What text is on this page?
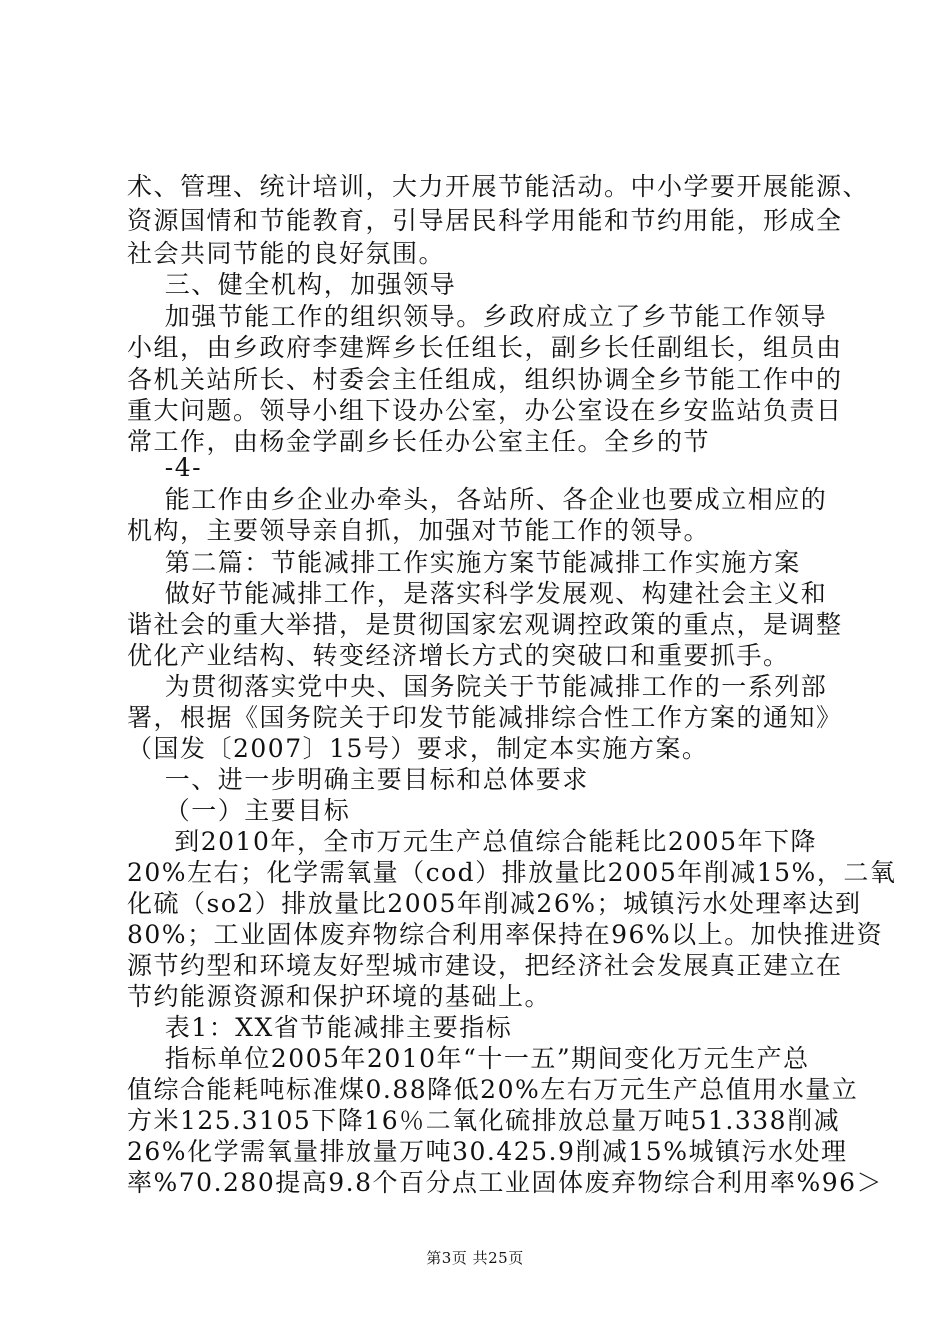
术、管理、统计培训，大力开展节能活动。中小学要开展能源、
资源国情和节能教育，引导居民科学用能和节约用能，形成全
社会共同节能的良好氛围。
三、健全机构，加强领导
加强节能工作的组织领导。乡政府成立了乡节能工作领导
小组，由乡政府李建辉乡长任组长，副乡长任副组长，组员由
各机关站所长、村委会主任组成，组织协调全乡节能工作中的
重大问题。领导小组下设办公室，办公室设在乡安监站负责日
常工作，由杨金学副乡长任办公室主任。全乡的节
-4-
能工作由乡企业办牵头，各站所、各企业也要成立相应的
机构，主要领导亲自抓，加强对节能工作的领导。
第二篇：节能减排工作实施方案节能减排工作实施方案
做好节能减排工作，是落实科学发展观、构建社会主义和
谐社会的重大举措，是贯彻国家宏观调控政策的重点，是调整
优化产业结构、转变经济增长方式的突破口和重要抓手。
为贯彻落实党中央、国务院关于节能减排工作的一系列部
署，根据《国务院关于印发节能减排综合性工作方案的通知》
（国发〔2007〕15号）要求，制定本实施方案。
一、进一步明确主要目标和总体要求
（一）主要目标
到2010年，全市万元生产总值综合能耗比2005年下降
20%左右；化学需氧量（cod）排放量比2005年削减15%，二氧
化硫（so2）排放量比2005年削减26%；城镇污水处理率达到
80%；工业固体废弃物综合利用率保持在96%以上。加快推进资
源节约型和环境友好型城市建设，把经济社会发展真正建立在
节约能源资源和保护环境的基础上。
表1：XX省节能减排主要指标
指标单位2005年2010年“十一五”期间变化万元生产总
值综合能耗吨标准煤0.88降低20%左右万元生产总值用水量立
方米125.3105下降16％二氧化硫排放总量万吨51.338削减
26%化学需氧量排放量万吨30.425.9削减15%城镇污水处理
率%70.280提高9.8个百分点工业固体废弃物综合利用率%96＞
第3页 共25页
